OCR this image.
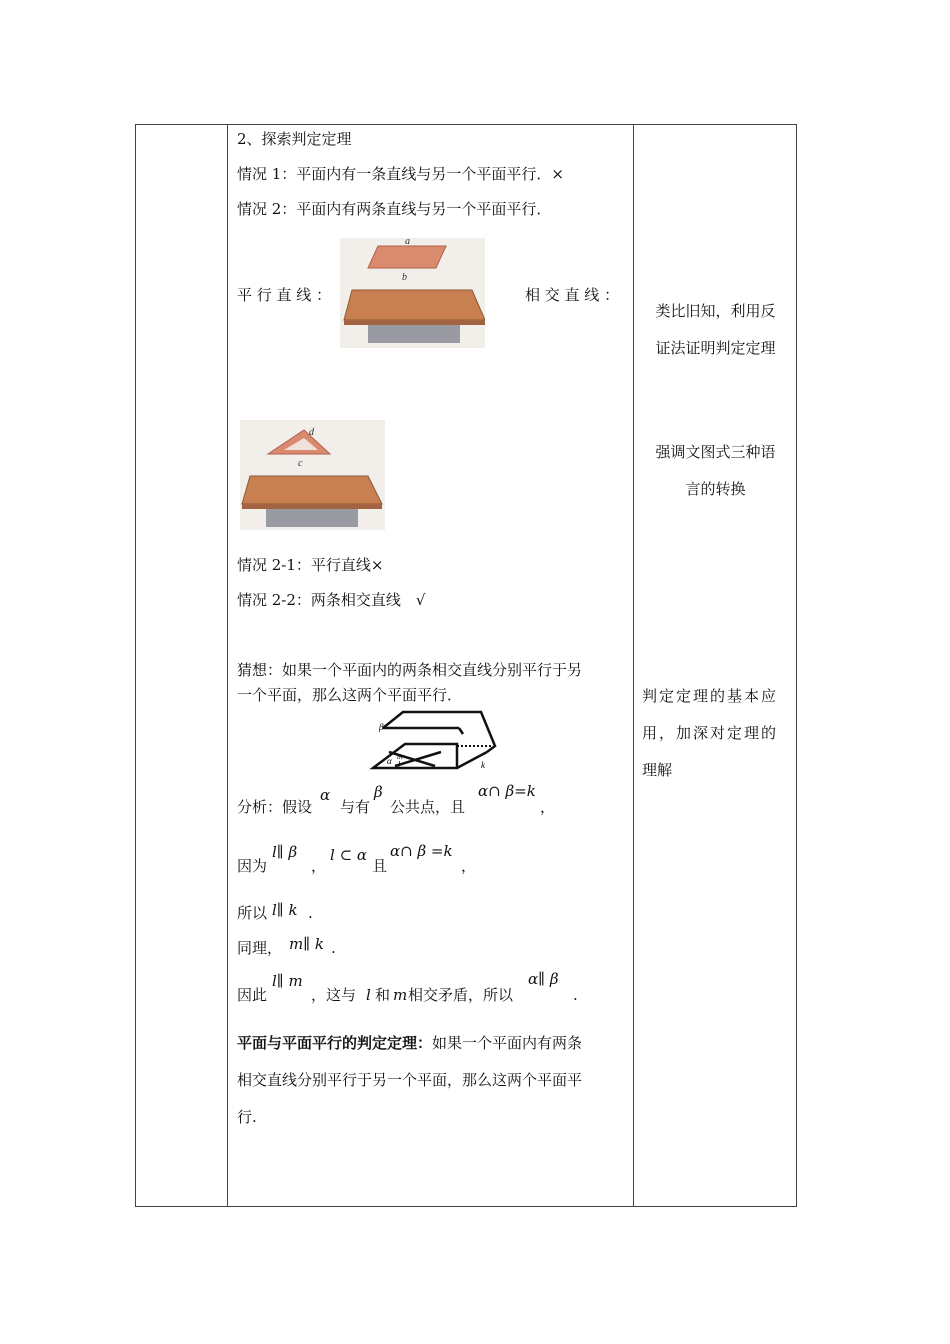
2、探索判定定理
情况 1：平面内有一条直线与另一个平面平行．×
情况 2：平面内有两条直线与另一个平面平行．
平 行 直 线 ：	相 交 直 线 ：
a
b
d
c
情况 2-1：平行直线×
情况 2-2：两条相交直线　√
猜想：如果一个平面内的两条相交直线分别平行于另
一个平面，那么这两个平面平行．
β
α m
l	k
分析：假设
α
与有
β
公共点，且
α∩ β=k
，
因为
l∥ β
，
l ⊂ α
且
α∩ β =k
，
所以 l∥ k .
同理， m∥ k .
因此
l∥ m
，这与 l 和 m 相交矛盾，所以
α∥ β
.
平面与平面平行的判定定理：如果一个平面内有两条
相交直线分别平行于另一个平面，那么这两个平面平
行.
类比旧知，利用反
证法证明判定定理
强调文图式三种语
言的转换
判定定理的基本应
用，加深对定理的
理解
